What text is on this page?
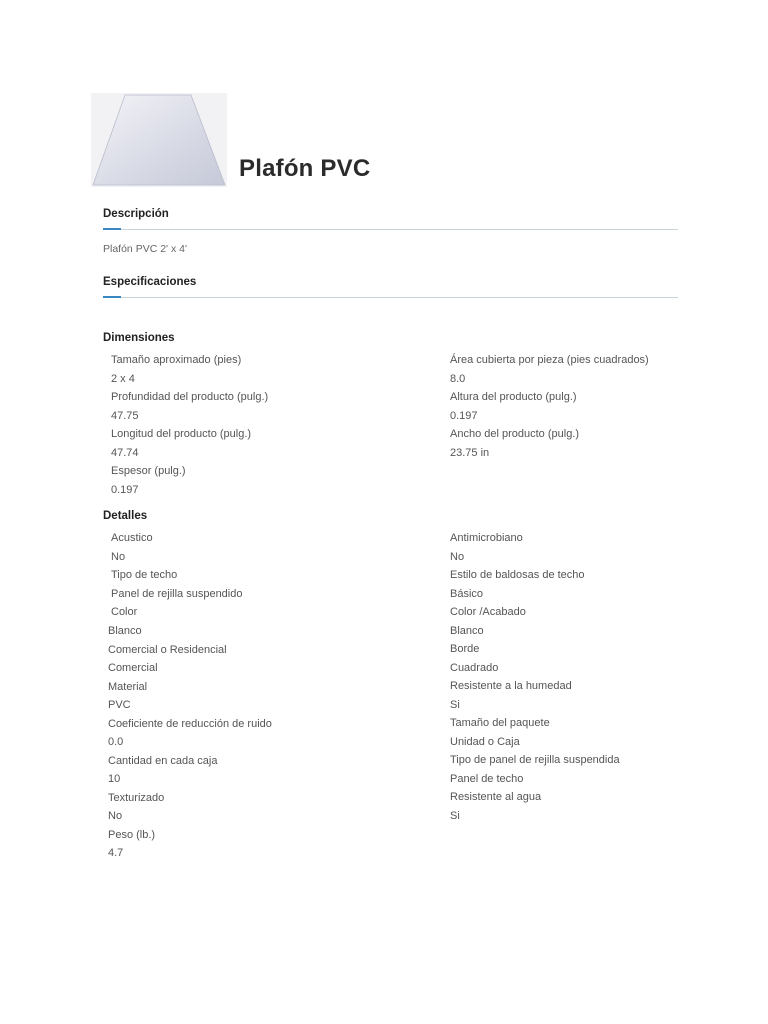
Plafón PVC
Descripción
Plafón PVC 2' x 4'
Especificaciones
Dimensiones
Tamaño aproximado (pies)
2 x 4
Profundidad del producto (pulg.)
47.75
Longitud del producto (pulg.)
47.74
Espesor (pulg.)
0.197
Área cubierta por pieza (pies cuadrados)
8.0
Altura del producto (pulg.)
0.197
Ancho del producto (pulg.)
23.75 in
Detalles
Acustico
No
Tipo de techo
Panel de rejilla suspendido
Color
Blanco
Comercial o Residencial
Comercial
Material
PVC
Coeficiente de reducción de ruido
0.0
Cantidad en cada caja
10
Texturizado
No
Peso (lb.)
4.7
Antimicrobiano
No
Estilo de baldosas de techo
Básico
Color /Acabado
Blanco
Borde
Cuadrado
Resistente a la humedad
Si
Tamaño del paquete
Unidad o Caja
Tipo de panel de rejilla suspendida
Panel de techo
Resistente al agua
Si
